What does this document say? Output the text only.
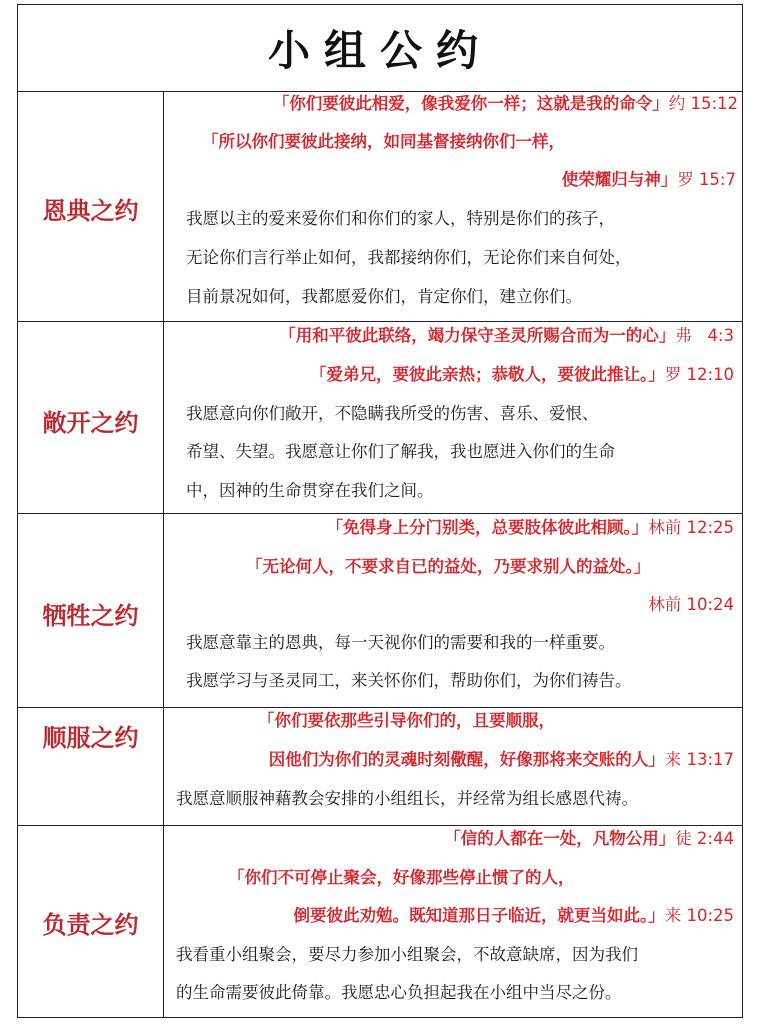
小组公约
恩典之约
敞开之约
牺牲之约
顺服之约
负责之约
「你们要彼此相爱，像我爱你一样；这就是我的命令」约 15:12
「所以你们要彼此接纳，如同基督接纳你们一样，
使荣耀归与神」罗 15:7
我愿以主的爱来爱你们和你们的家人，特别是你们的孩子，
无论你们言行举止如何，我都接纳你们，无论你们来自何处，
目前景况如何，我都愿爱你们，肯定你们，建立你们。
「用和平彼此联络，竭力保守圣灵所赐合而为一的心」弗   4:3
「爱弟兄，要彼此亲热；恭敬人，要彼此推让。」罗 12:10
我愿意向你们敞开，不隐瞒我所受的伤害、喜乐、爱恨、
希望、失望。我愿意让你们了解我，我也愿进入你们的生命
中，因神的生命贯穿在我们之间。
「免得身上分门别类，总要肢体彼此相顾。」林前 12:25
「无论何人，不要求自已的益处，乃要求别人的益处。」
林前 10:24
我愿意靠主的恩典，每一天视你们的需要和我的一样重要。
我愿学习与圣灵同工，来关怀你们，帮助你们，为你们祷告。
「你们要依那些引导你们的，且要顺服，
因他们为你们的灵魂时刻儆醒，好像那将来交账的人」来 13:17
我愿意顺服神藉教会安排的小组组长，并经常为组长感恩代祷。
「信的人都在一处，凡物公用」徒 2:44
「你们不可停止聚会，好像那些停止惯了的人，
倒要彼此劝勉。既知道那日子临近，就更当如此。」来 10:25
我看重小组聚会，要尽力参加小组聚会，不故意缺席，因为我们
的生命需要彼此倚靠。我愿忠心负担起我在小组中当尽之份。
